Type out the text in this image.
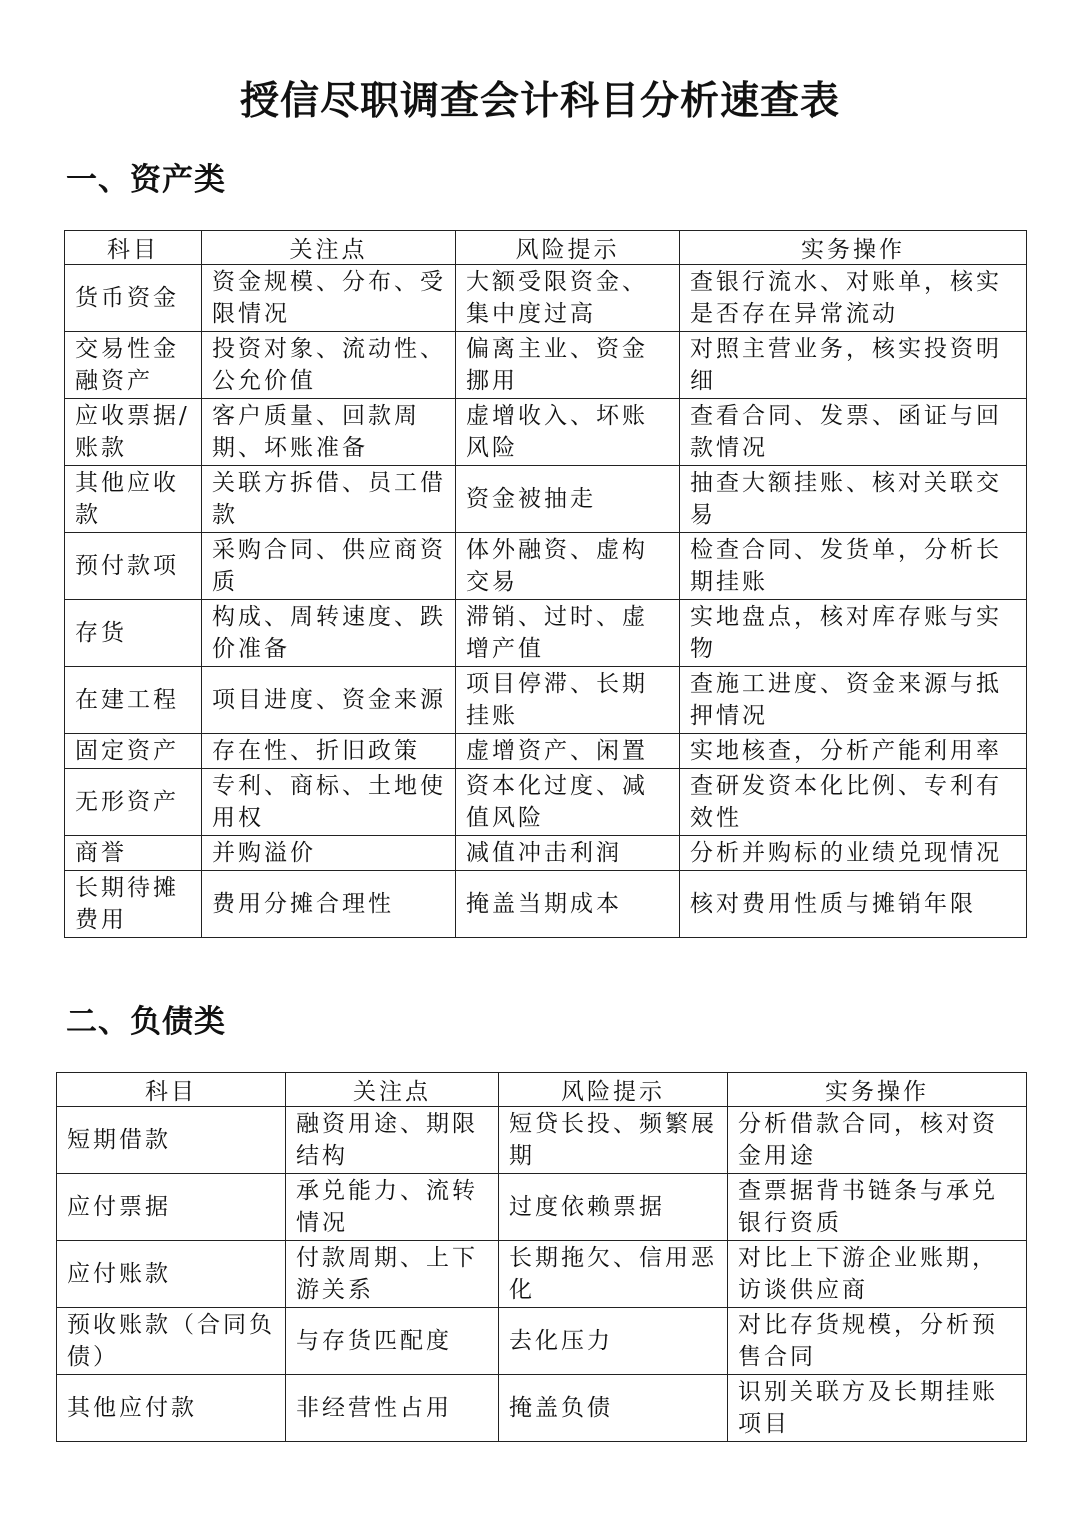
授信尽职调查会计科目分析速查表
一、资产类
科目	关注点	风险提示	实务操作
货币资金	资金规模、分布、受限情况	大额受限资金、集中度过高	查银行流水、对账单，核实是否存在异常流动
交易性金融资产	投资对象、流动性、公允价值	偏离主业、资金挪用	对照主营业务，核实投资明细
应收票据/账款	客户质量、回款周期、坏账准备	虚增收入、坏账风险	查看合同、发票、函证与回款情况
其他应收款	关联方拆借、员工借款	资金被抽走	抽查大额挂账、核对关联交易
预付款项	采购合同、供应商资质	体外融资、虚构交易	检查合同、发货单，分析长期挂账
存货	构成、周转速度、跌价准备	滞销、过时、虚增产值	实地盘点，核对库存账与实物
在建工程	项目进度、资金来源	项目停滞、长期挂账	查施工进度、资金来源与抵押情况
固定资产	存在性、折旧政策	虚增资产、闲置	实地核查，分析产能利用率
无形资产	专利、商标、土地使用权	资本化过度、减值风险	查研发资本化比例、专利有效性
商誉	并购溢价	减值冲击利润	分析并购标的业绩兑现情况
长期待摊费用	费用分摊合理性	掩盖当期成本	核对费用性质与摊销年限
二、负债类
科目	关注点	风险提示	实务操作
短期借款	融资用途、期限结构	短贷长投、频繁展期	分析借款合同，核对资金用途
应付票据	承兑能力、流转情况	过度依赖票据	查票据背书链条与承兑银行资质
应付账款	付款周期、上下游关系	长期拖欠、信用恶化	对比上下游企业账期，访谈供应商
预收账款（合同负债）	与存货匹配度	去化压力	对比存货规模，分析预售合同
其他应付款	非经营性占用	掩盖负债	识别关联方及长期挂账项目
